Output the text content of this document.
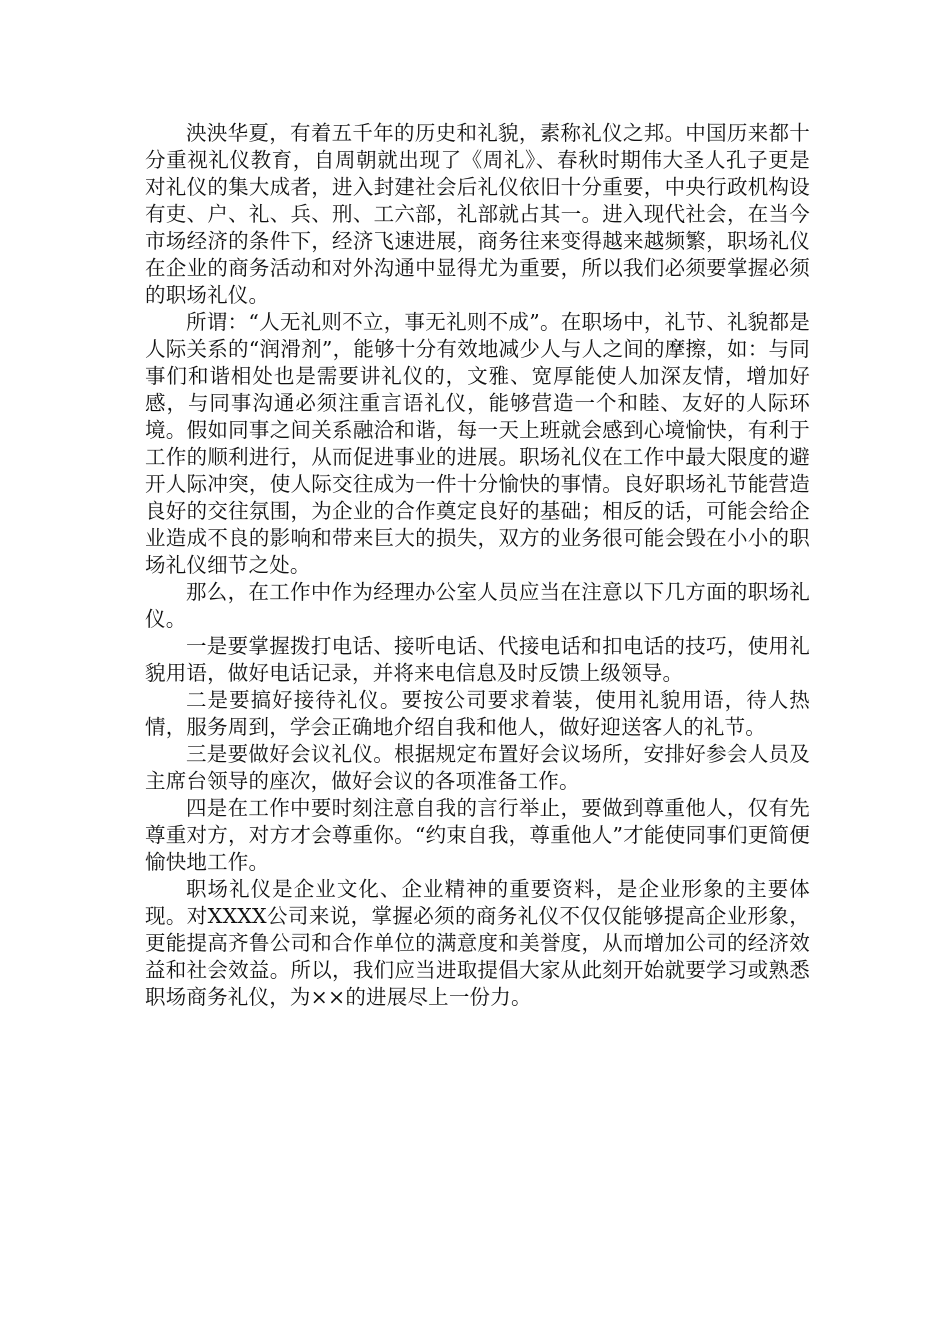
泱泱华夏，有着五千年的历史和礼貌，素称礼仪之邦。中国历来都十分重视礼仪教育，自周朝就出现了《周礼》、春秋时期伟大圣人孔子更是对礼仪的集大成者，进入封建社会后礼仪依旧十分重要，中央行政机构设有吏、户、礼、兵、刑、工六部，礼部就占其一。进入现代社会，在当今市场经济的条件下，经济飞速进展，商务往来变得越来越频繁，职场礼仪在企业的商务活动和对外沟通中显得尤为重要，所以我们必须要掌握必须的职场礼仪。

所谓：“人无礼则不立，事无礼则不成”。在职场中，礼节、礼貌都是人际关系的“润滑剂”，能够十分有效地减少人与人之间的摩擦，如：与同事们和谐相处也是需要讲礼仪的，文雅、宽厚能使人加深友情，增加好感，与同事沟通必须注重言语礼仪，能够营造一个和睦、友好的人际环境。假如同事之间关系融洽和谐，每一天上班就会感到心境愉快，有利于工作的顺利进行，从而促进事业的进展。职场礼仪在工作中最大限度的避开人际冲突，使人际交往成为一件十分愉快的事情。良好职场礼节能营造良好的交往氛围，为企业的合作奠定良好的基础；相反的话，可能会给企业造成不良的影响和带来巨大的损失，双方的业务很可能会毁在小小的职场礼仪细节之处。

那么，在工作中作为经理办公室人员应当在注意以下几方面的职场礼仪。

一是要掌握拨打电话、接听电话、代接电话和扣电话的技巧，使用礼貌用语，做好电话记录，并将来电信息及时反馈上级领导。

二是要搞好接待礼仪。要按公司要求着装，使用礼貌用语，待人热情，服务周到，学会正确地介绍自我和他人，做好迎送客人的礼节。

三是要做好会议礼仪。根据规定布置好会议场所，安排好参会人员及主席台领导的座次，做好会议的各项准备工作。

四是在工作中要时刻注意自我的言行举止，要做到尊重他人，仅有先尊重对方，对方才会尊重你。“约束自我，尊重他人”才能使同事们更简便愉快地工作。

职场礼仪是企业文化、企业精神的重要资料，是企业形象的主要体现。对XXXX公司来说，掌握必须的商务礼仪不仅仅能够提高企业形象，更能提高齐鲁公司和合作单位的满意度和美誉度，从而增加公司的经济效益和社会效益。所以，我们应当进取提倡大家从此刻开始就要学习或熟悉职场商务礼仪，为××的进展尽上一份力。
